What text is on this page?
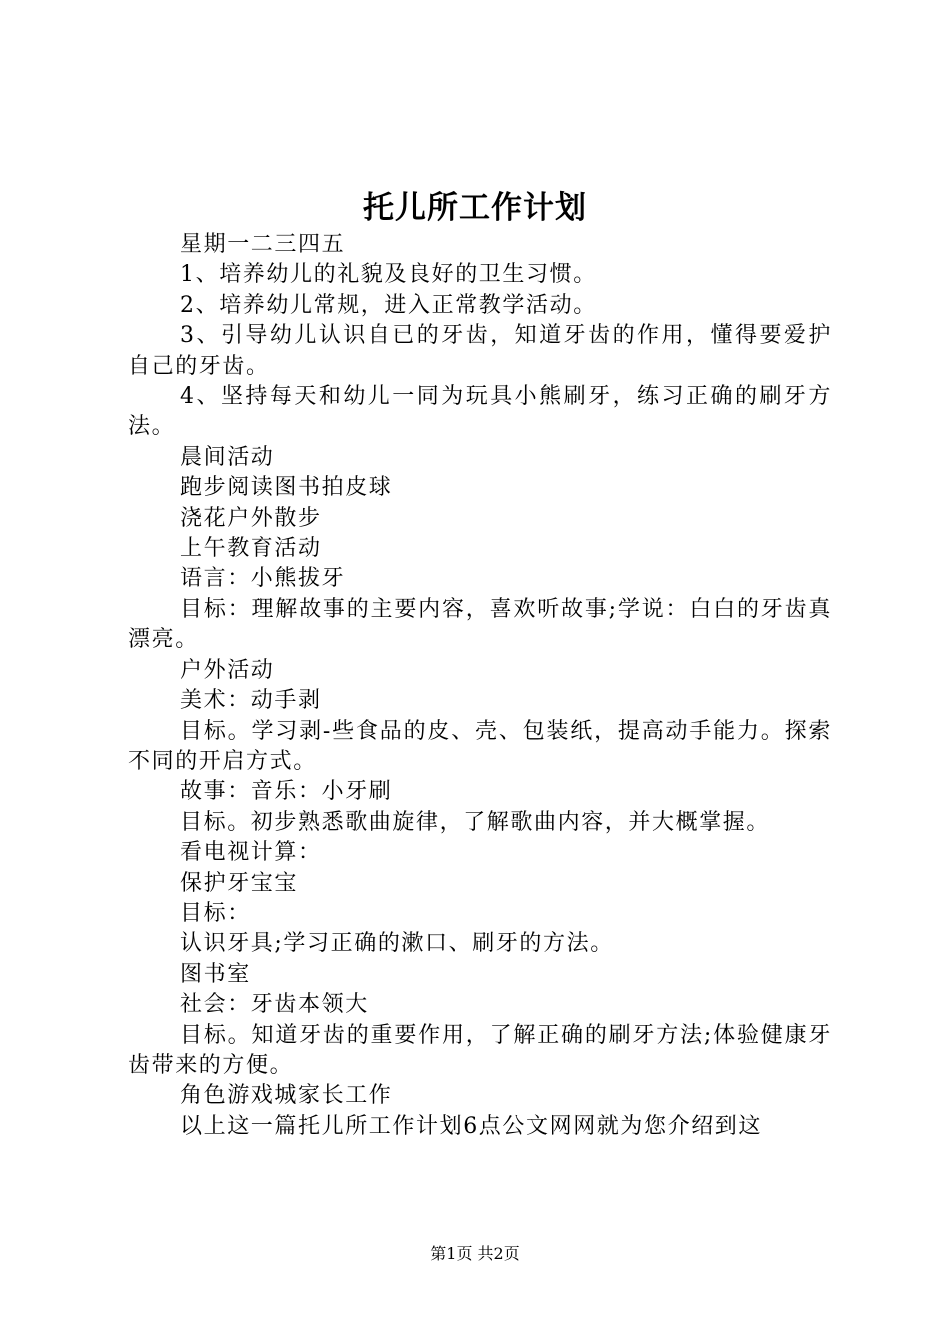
托儿所工作计划

星期一二三四五

1、培养幼儿的礼貌及良好的卫生习惯。

2、培养幼儿常规，进入正常教学活动。

3、引导幼儿认识自已的牙齿，知道牙齿的作用，懂得要爱护自己的牙齿。

4、坚持每天和幼儿一同为玩具小熊刷牙，练习正确的刷牙方法。

晨间活动

跑步阅读图书拍皮球

浇花户外散步

上午教育活动

语言：小熊拔牙

目标：理解故事的主要内容，喜欢听故事;学说：白白的牙齿真漂亮。

户外活动

美术：动手剥

目标。学习剥-些食品的皮、壳、包装纸，提高动手能力。探索不同的开启方式。

故事：音乐：小牙刷

目标。初步熟悉歌曲旋律，了解歌曲内容，并大概掌握。

看电视计算：

保护牙宝宝

目标：

认识牙具;学习正确的漱口、刷牙的方法。

图书室

社会：牙齿本领大

目标。知道牙齿的重要作用，了解正确的刷牙方法;体验健康牙齿带来的方便。

角色游戏城家长工作

以上这一篇托儿所工作计划6点公文网网就为您介绍到这

第1页 共2页
